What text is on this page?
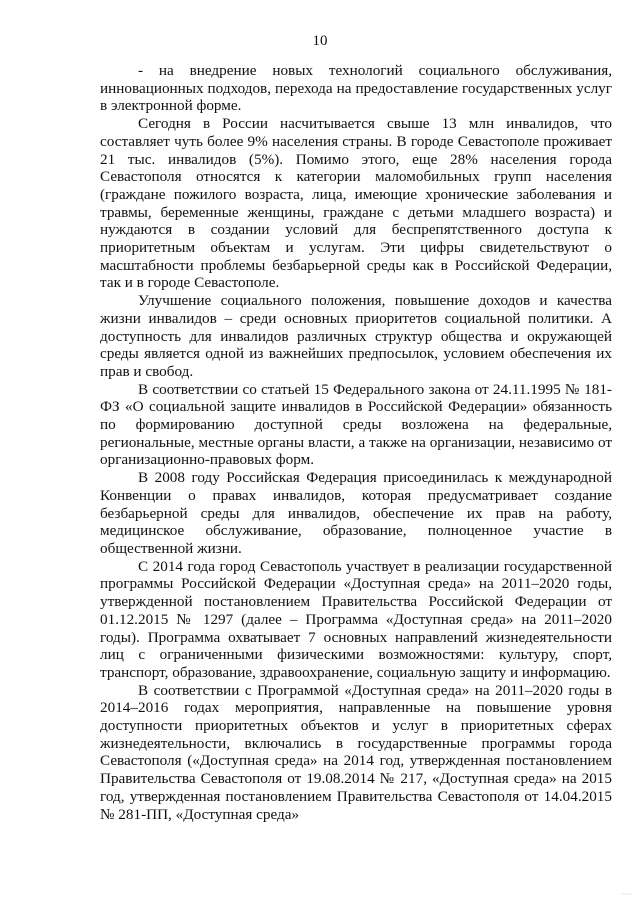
10

- на внедрение новых технологий социального обслуживания, инновационных подходов, перехода на предоставление государственных услуг в электронной форме.

Сегодня в России насчитывается свыше 13 млн инвалидов, что составляет чуть более 9% населения страны. В городе Севастополе проживает 21 тыс. инвалидов (5%). Помимо этого, еще 28% населения города Севастополя относятся к категории маломобильных групп населения (граждане пожилого возраста, лица, имеющие хронические заболевания и травмы, беременные женщины, граждане с детьми младшего возраста) и нуждаются в создании условий для беспрепятственного доступа к приоритетным объектам и услугам. Эти цифры свидетельствуют о масштабности проблемы безбарьерной среды как в Российской Федерации, так и в городе Севастополе.

Улучшение социального положения, повышение доходов и качества жизни инвалидов – среди основных приоритетов социальной политики. А доступность для инвалидов различных структур общества и окружающей среды является одной из важнейших предпосылок, условием обеспечения их прав и свобод.

В соответствии со статьей 15 Федерального закона от 24.11.1995 № 181-ФЗ «О социальной защите инвалидов в Российской Федерации» обязанность по формированию доступной среды возложена на федеральные, региональные, местные органы власти, а также на организации, независимо от организационно-правовых форм.

В 2008 году Российская Федерация присоединилась к международной Конвенции о правах инвалидов, которая предусматривает создание безбарьерной среды для инвалидов, обеспечение их прав на работу, медицинское обслуживание, образование, полноценное участие в общественной жизни.

С 2014 года город Севастополь участвует в реализации государственной программы Российской Федерации «Доступная среда» на 2011–2020 годы, утвержденной постановлением Правительства Российской Федерации от 01.12.2015 № 1297 (далее – Программа «Доступная среда» на 2011–2020 годы). Программа охватывает 7 основных направлений жизнедеятельности лиц с ограниченными физическими возможностями: культуру, спорт, транспорт, образование, здравоохранение, социальную защиту и информацию.

В соответствии с Программой «Доступная среда» на 2011–2020 годы в 2014–2016 годах мероприятия, направленные на повышение уровня доступности приоритетных объектов и услуг в приоритетных сферах жизнедеятельности, включались в государственные программы города Севастополя («Доступная среда» на 2014 год, утвержденная постановлением Правительства Севастополя от 19.08.2014 № 217, «Доступная среда» на 2015 год, утвержденная постановлением Правительства Севастополя от 14.04.2015 № 281-ПП, «Доступная среда»

····
